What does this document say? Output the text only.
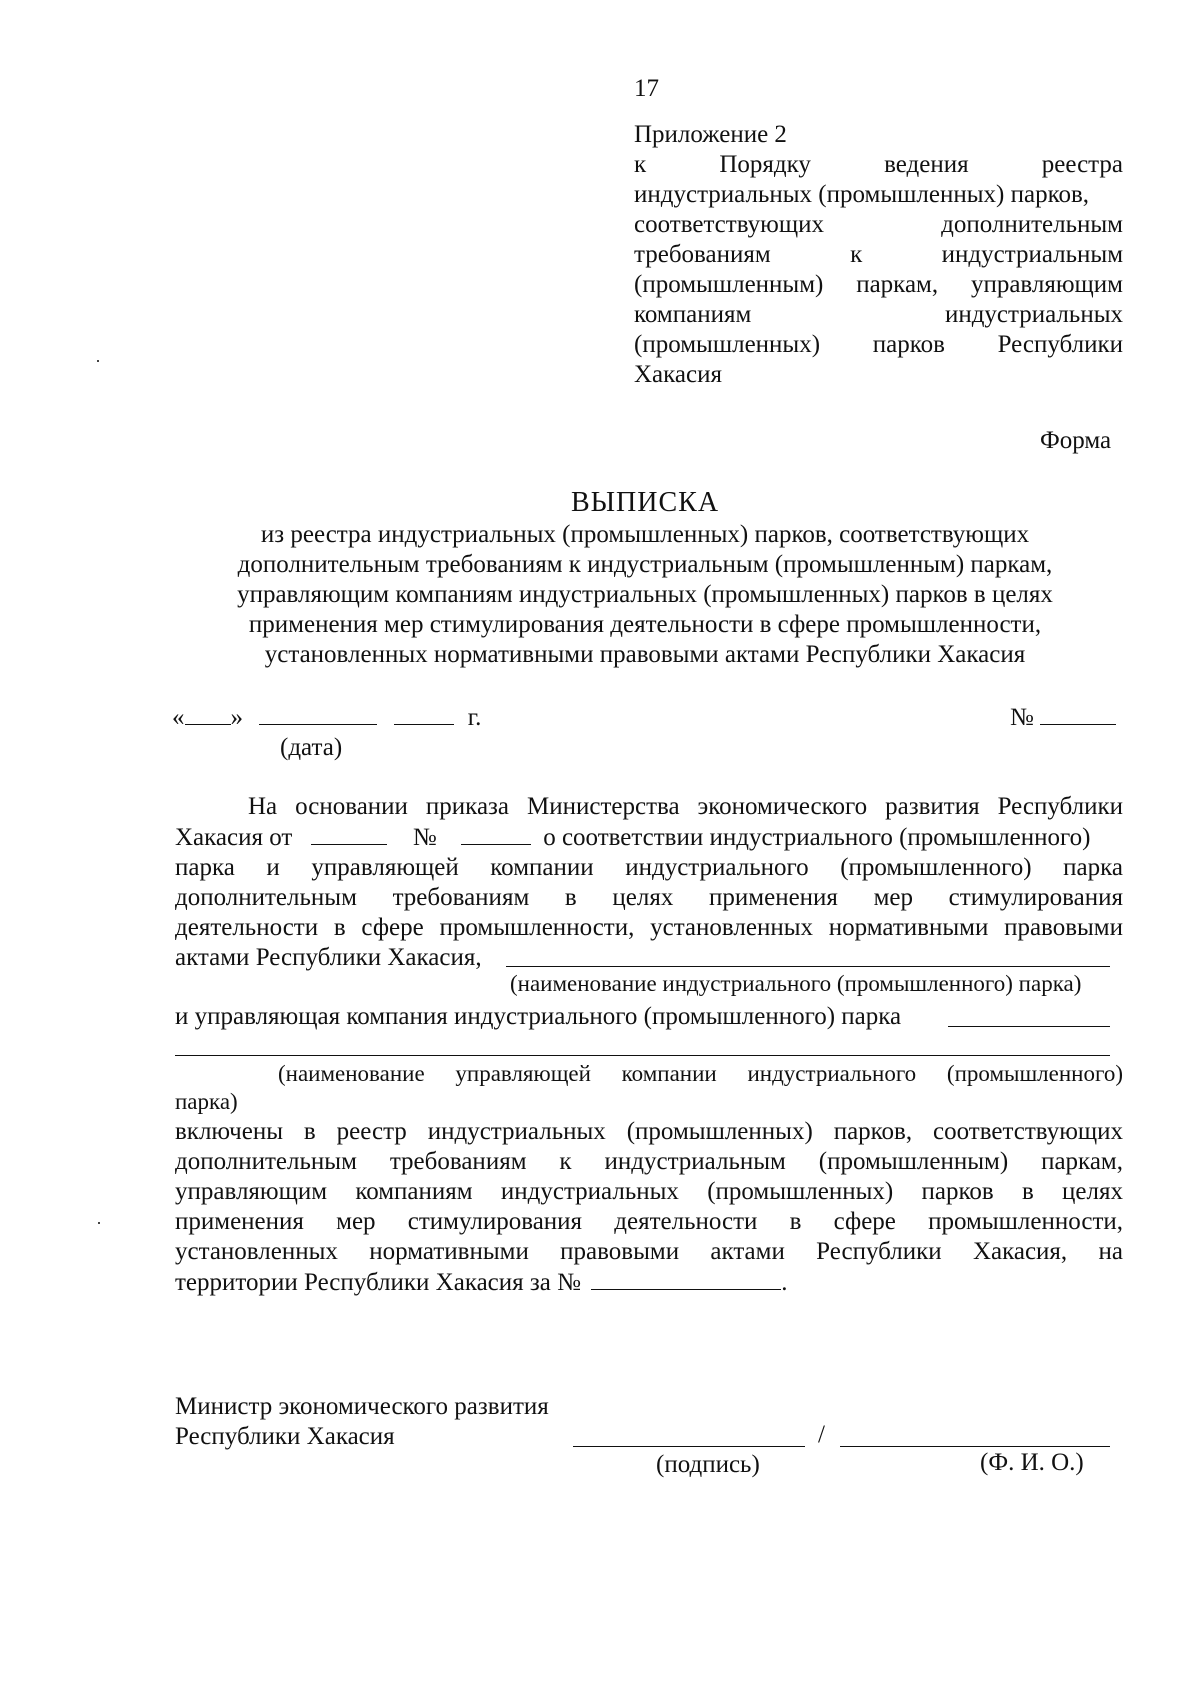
17
Приложение 2
к	Порядку	ведения	реестра
индустриальных (промышленных) парков,
соответствующих	дополнительным
требованиям	к	индустриальным
(промышленным) паркам, управляющим
компаниям	индустриальных
(промышленных) парков Республики
Хакасия
Форма
ВЫПИСКА
из реестра индустриальных (промышленных) парков, соответствующих
дополнительным требованиям к индустриальным (промышленным) паркам,
управляющим компаниям индустриальных (промышленных) парков в целях
применения мер стимулирования деятельности в сфере промышленности,
установленных нормативными правовыми актами Республики Хакасия
« »	г.	№
(дата)
На основании приказа Министерства экономического развития Республики
Хакасия от	№	о соответствии индустриального (промышленного)
парка и управляющей компании индустриального (промышленного) парка
дополнительным требованиям в целях применения мер стимулирования
деятельности в сфере промышленности, установленных нормативными правовыми
актами Республики Хакасия,
(наименование индустриального (промышленного) парка)
и управляющая компания индустриального (промышленного) парка
(наименование управляющей компании индустриального (промышленного)
парка)
включены в реестр индустриальных (промышленных) парков, соответствующих
дополнительным требованиям к индустриальным (промышленным) паркам,
управляющим компаниям индустриальных (промышленных) парков в целях
применения мер стимулирования деятельности в сфере промышленности,
установленных нормативными правовыми актами Республики Хакасия, на
территории Республики Хакасия за №	.
Министр экономического развития
Республики Хакасия	/
(подпись)	(Ф. И. О.)
